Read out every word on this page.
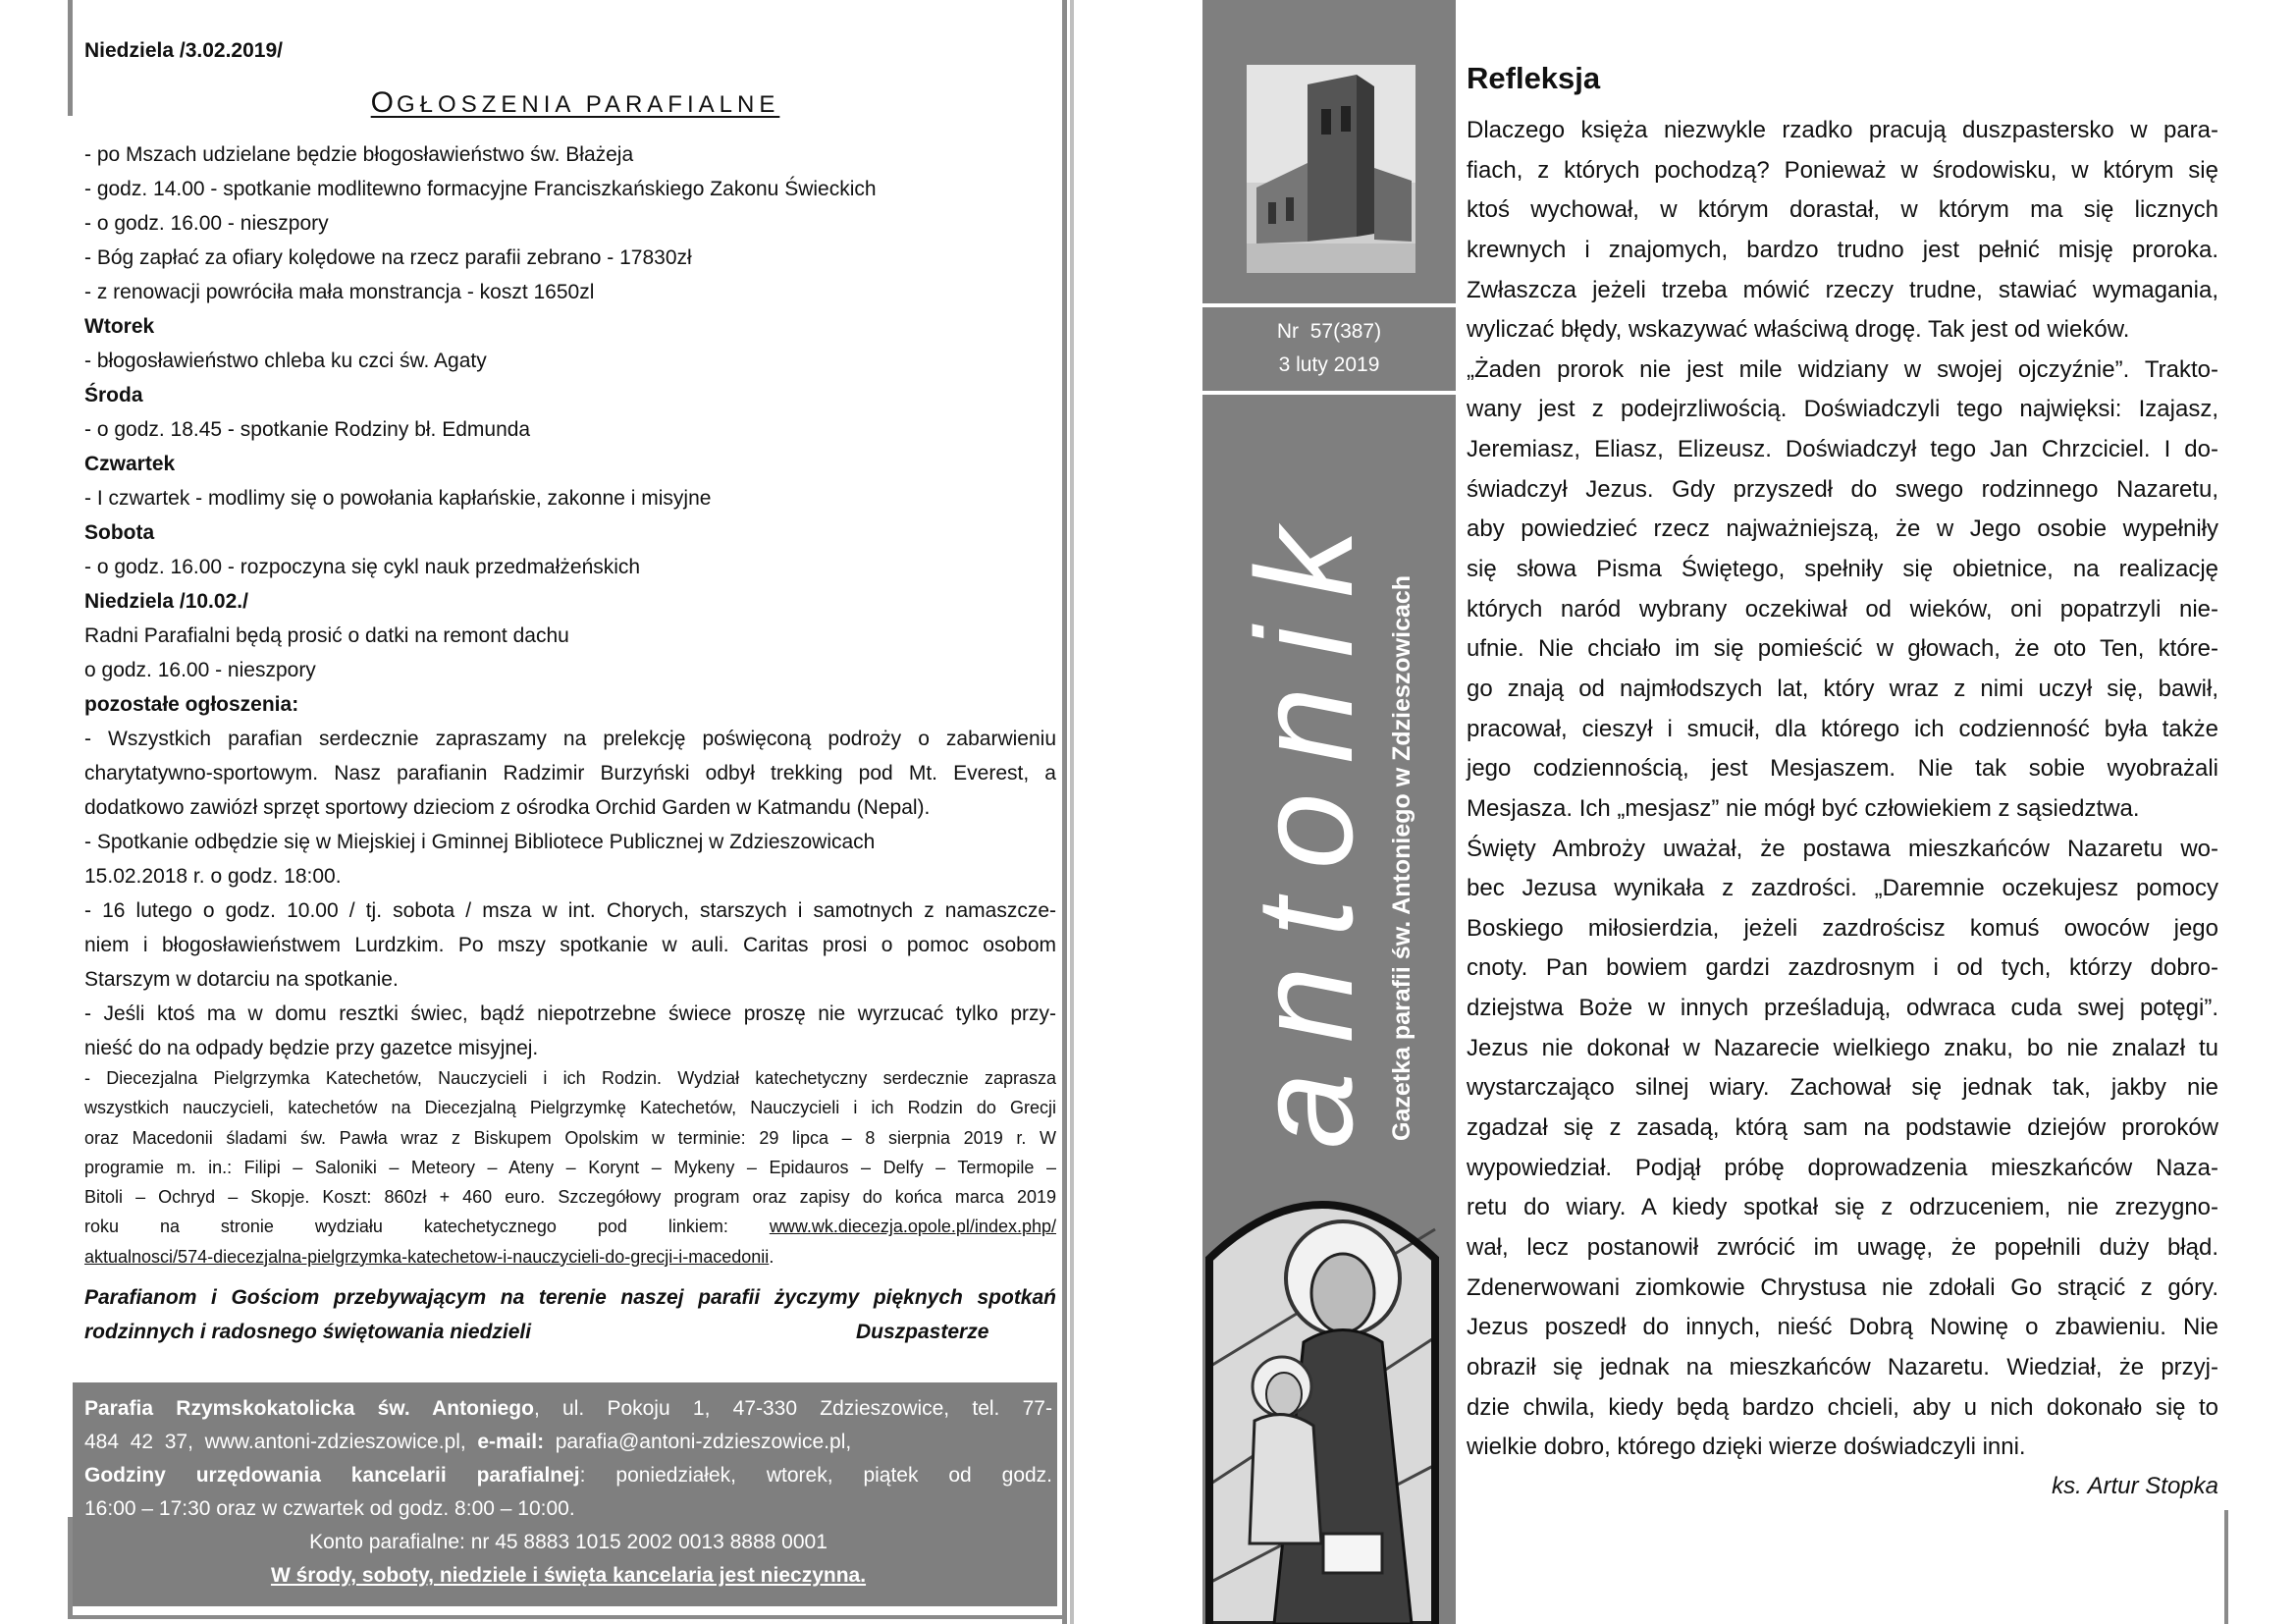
Niedziela /3.02.2019/
OGŁOSZENIA PARAFIALNE
- po Mszach udzielane będzie błogosławieństwo św. Błażeja
- godz. 14.00 - spotkanie modlitewno formacyjne Franciszkańskiego Zakonu Świeckich
- o godz. 16.00 - nieszpory
- Bóg zapłać za ofiary kolędowe na rzecz parafii zebrano - 17830zł
- z renowacji powróciła mała monstrancja - koszt 1650zl
Wtorek
- błogosławieństwo chleba ku czci św. Agaty
Środa
- o godz. 18.45 - spotkanie Rodziny bł. Edmunda
Czwartek
- I czwartek - modlimy się o powołania kapłańskie, zakonne i misyjne
Sobota
- o godz. 16.00 - rozpoczyna się cykl nauk przedmałżeńskich
Niedziela /10.02./
Radni Parafialni będą prosić o datki na remont dachu
o godz. 16.00 - nieszpory
pozostałe ogłoszenia:
- Wszystkich parafian serdecznie zapraszamy na prelekcję poświęconą podroży o zabarwieniu
charytatywno-sportowym. Nasz parafianin Radzimir Burzyński odbył trekking pod Mt. Everest, a
dodatkowo zawiózł sprzęt sportowy dzieciom z ośrodka Orchid Garden w Katmandu (Nepal).
- Spotkanie odbędzie się w Miejskiej i Gminnej Bibliotece Publicznej w Zdzieszowicach
15.02.2018 r. o godz. 18:00.
- 16 lutego o godz. 10.00 / tj. sobota / msza w int. Chorych, starszych i samotnych z namaszcze-
niem i błogosławieństwem Lurdzkim. Po mszy spotkanie w auli. Caritas prosi o pomoc osobom
Starszym w dotarciu na spotkanie.
- Jeśli ktoś ma w domu resztki świec, bądź niepotrzebne świece proszę nie wyrzucać tylko przy-
nieść do na odpady będzie przy gazetce misyjnej.
- Diecezjalna Pielgrzymka Katechetów, Nauczycieli i ich Rodzin. Wydział katechetyczny serdecznie zaprasza
wszystkich nauczycieli, katechetów na Diecezjalną Pielgrzymkę Katechetów, Nauczycieli i ich Rodzin do Grecji
oraz Macedonii śladami św. Pawła wraz z Biskupem Opolskim w terminie: 29 lipca – 8 sierpnia 2019 r. W
programie m. in.: Filipi – Saloniki – Meteory – Ateny – Korynt – Mykeny – Epidauros – Delfy – Termopile –
Bitoli – Ochryd – Skopje. Koszt: 860zł + 460 euro. Szczegółowy program oraz zapisy do końca marca 2019
roku na stronie wydziału katechetycznego pod linkiem: www.wk.diecezja.opole.pl/index.php/
aktualnosci/574-diecezjalna-pielgrzymka-katechetow-i-nauczycieli-do-grecji-i-macedonii.
Parafianom i Gościom przebywającym na terenie naszej parafii życzymy pięknych spotkań
rodzinnych i radosnego świętowania niedzieli	Duszpasterze
Parafia Rzymskokatolicka św. Antoniego, ul. Pokoju 1, 47-330 Zdzieszowice, tel. 77-
484  42  37,  www.antoni-zdzieszowice.pl,  e-mail:  parafia@antoni-zdzieszowice.pl,
Godziny urzędowania kancelarii parafialnej: poniedziałek, wtorek, piątek od godz.
16:00 – 17:30 oraz w czwartek od godz. 8:00 – 10:00.
Konto parafialne: nr 45 8883 1015 2002 0013 8888 0001
W środy, soboty, niedziele i święta kancelaria jest nieczynna.
Nr  57(387)
3 luty 2019
antonik Gazetka parafii św. Antoniego w Zdzieszowicach
Refleksja
Dlaczego księża niezwykle rzadko pracują duszpastersko w para-
fiach, z których pochodzą? Ponieważ w środowisku, w którym się
ktoś wychował, w którym dorastał, w którym ma się licznych
krewnych i znajomych, bardzo trudno jest pełnić misję proroka.
Zwłaszcza jeżeli trzeba mówić rzeczy trudne, stawiać wymagania,
wyliczać błędy, wskazywać właściwą drogę. Tak jest od wieków.
„Żaden prorok nie jest mile widziany w swojej ojczyźnie”. Trakto-
wany jest z podejrzliwością. Doświadczyli tego najwięksi: Izajasz,
Jeremiasz, Eliasz, Elizeusz. Doświadczył tego Jan Chrzciciel. I do-
świadczył Jezus. Gdy przyszedł do swego rodzinnego Nazaretu,
aby powiedzieć rzecz najważniejszą, że w Jego osobie wypełniły
się słowa Pisma Świętego, spełniły się obietnice, na realizację
których naród wybrany oczekiwał od wieków, oni popatrzyli nie-
ufnie. Nie chciało im się pomieścić w głowach, że oto Ten, które-
go znają od najmłodszych lat, który wraz z nimi uczył się, bawił,
pracował, cieszył i smucił, dla którego ich codzienność była także
jego codziennością, jest Mesjaszem. Nie tak sobie wyobrażali
Mesjasza. Ich „mesjasz” nie mógł być człowiekiem z sąsiedztwa.
Święty Ambroży uważał, że postawa mieszkańców Nazaretu wo-
bec Jezusa wynikała z zazdrości. „Daremnie oczekujesz pomocy
Boskiego miłosierdzia, jeżeli zazdrościsz komuś owoców jego
cnoty. Pan bowiem gardzi zazdrosnym i od tych, którzy dobro-
dziejstwa Boże w innych prześladują, odwraca cuda swej potęgi”.
Jezus nie dokonał w Nazarecie wielkiego znaku, bo nie znalazł tu
wystarczająco silnej wiary. Zachował się jednak tak, jakby nie
zgadzał się z zasadą, którą sam na podstawie dziejów proroków
wypowiedział. Podjął próbę doprowadzenia mieszkańców Naza-
retu do wiary. A kiedy spotkał się z odrzuceniem, nie zrezygno-
wał, lecz postanowił zwrócić im uwagę, że popełnili duży błąd.
Zdenerwowani ziomkowie Chrystusa nie zdołali Go strącić z góry.
Jezus poszedł do innych, nieść Dobrą Nowinę o zbawieniu. Nie
obraził się jednak na mieszkańców Nazaretu. Wiedział, że przyj-
dzie chwila, kiedy będą bardzo chcieli, aby u nich dokonało się to
wielkie dobro, którego dzięki wierze doświadczyli inni.
ks. Artur Stopka
